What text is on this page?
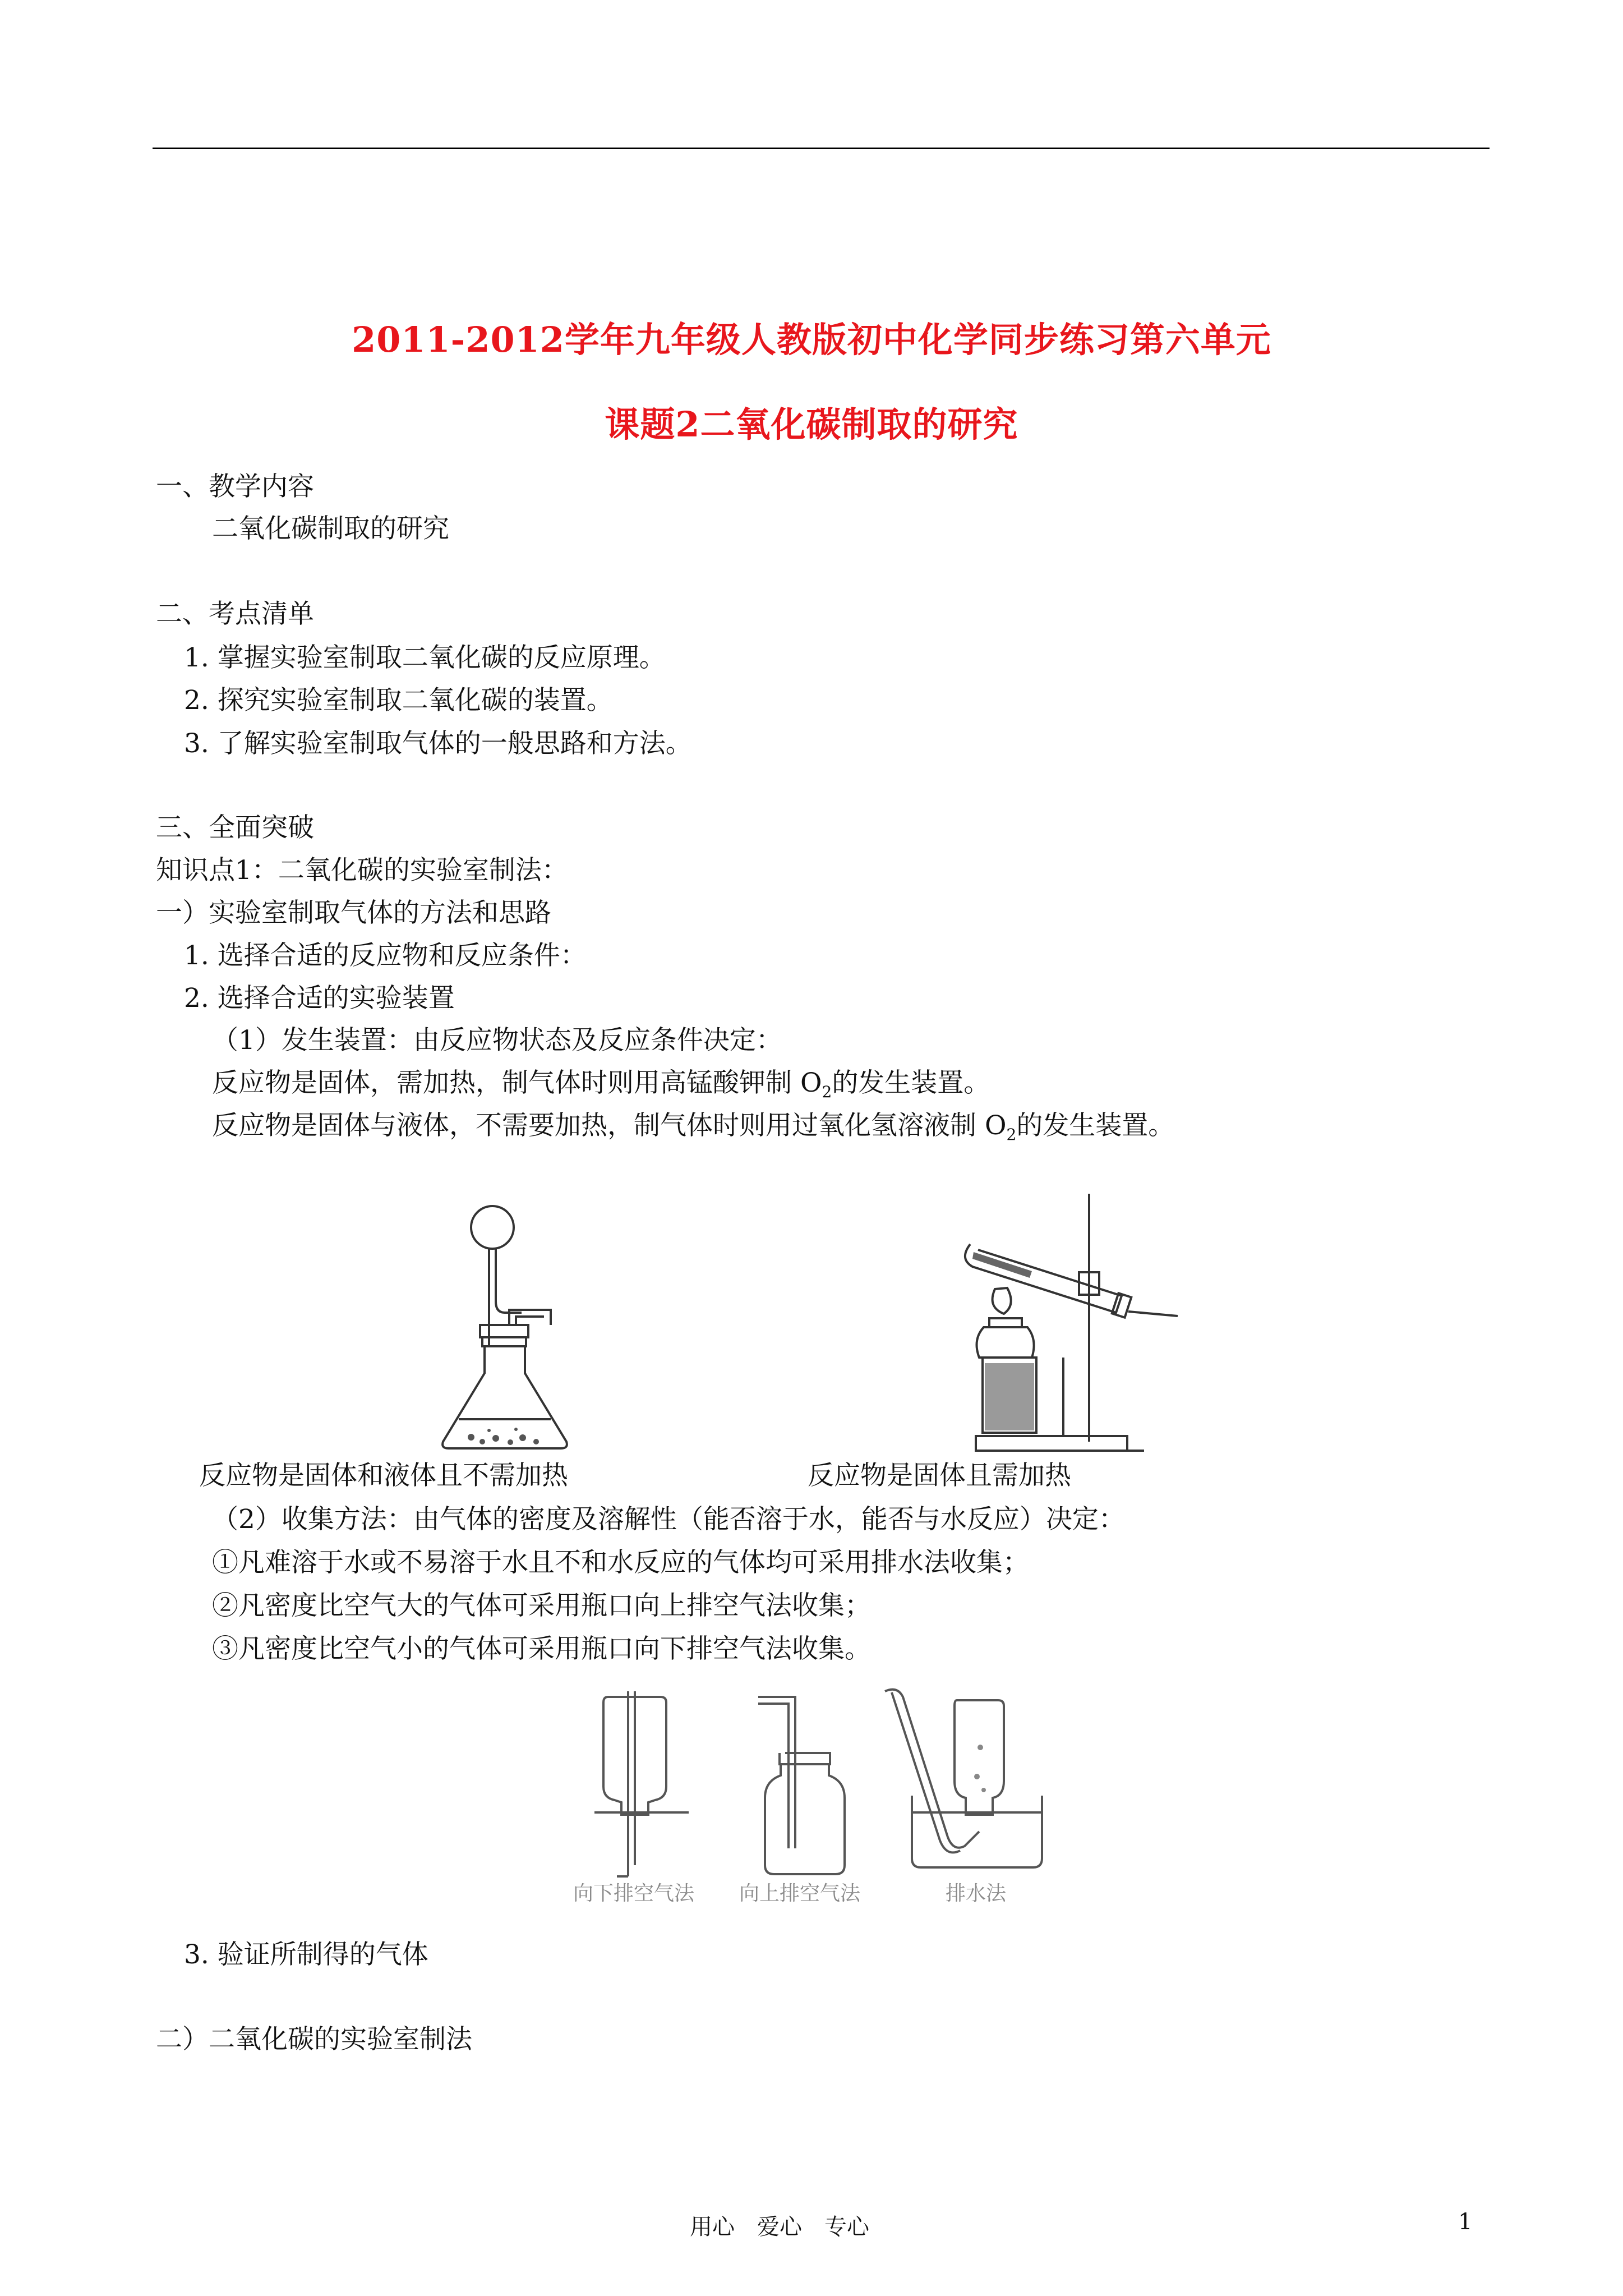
2011-2012学年九年级人教版初中化学同步练习第六单元
课题2二氧化碳制取的研究
一、教学内容
二氧化碳制取的研究
二、考点清单
1. 掌握实验室制取二氧化碳的反应原理。
2. 探究实验室制取二氧化碳的装置。
3. 了解实验室制取气体的一般思路和方法。
三、全面突破
知识点1：二氧化碳的实验室制法：
一）实验室制取气体的方法和思路
1. 选择合适的反应物和反应条件：
2. 选择合适的实验装置
（1）发生装置：由反应物状态及反应条件决定：
反应物是固体，需加热，制气体时则用高锰酸钾制 $O_2$的发生装置。
反应物是固体与液体，不需要加热，制气体时则用过氧化氢溶液制 $O_2$的发生装置。
反应物是固体和液体且不需加热	反应物是固体且需加热
（2）收集方法：由气体的密度及溶解性（能否溶于水，能否与水反应）决定：
①凡难溶于水或不易溶于水且不和水反应的气体均可采用排水法收集；
②凡密度比空气大的气体可采用瓶口向上排空气法收集；
③凡密度比空气小的气体可采用瓶口向下排空气法收集。
向下排空气法 向上排空气法	排水法
3. 验证所制得的气体
二）二氧化碳的实验室制法
用心　爱心　专心	1
